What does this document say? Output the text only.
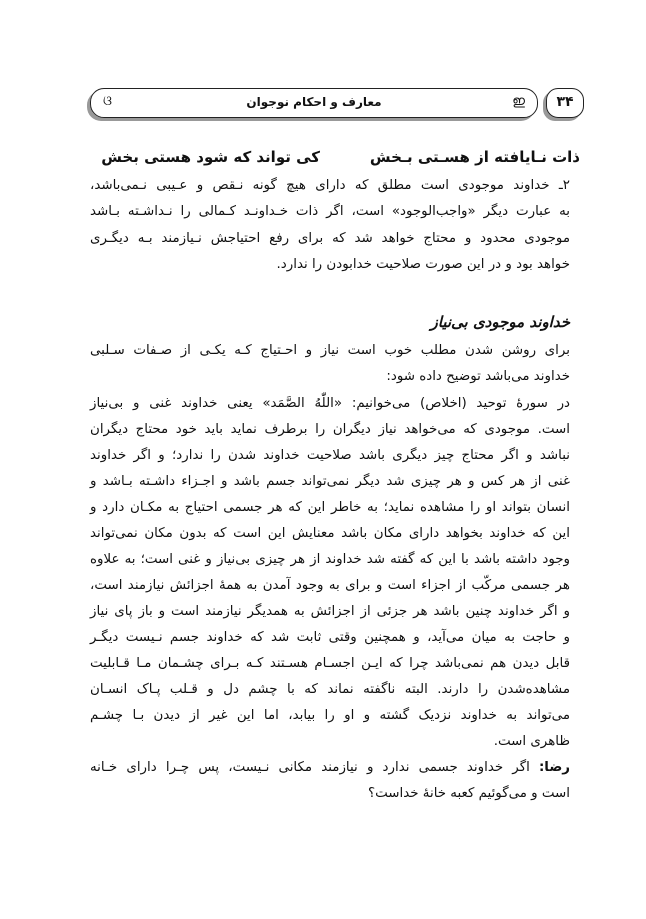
ଓ	معارف و احکام نوجوان	ഇ	۳۴
ذات نـایافته از هسـتی بـخش
کی تواند که شود هستی بخش
۲ـ خداوند موجودی است مطلق که دارای هیچ گونه نـقص و عـیبی نـمی‌باشد،
به عبارت دیگر «واجب‌الوجود» است، اگر ذات خـداونـد کـمالی را نـداشـته بـاشد
موجودی محدود و محتاج خواهد شد که برای رفع احتیاجش نـیازمند بـه دیگـری
خواهد بود و در این صورت صلاحیت خدابودن را ندارد.
خداوند موجودی بی‌نیاز
برای روشن شدن مطلب خوب است نیاز و احـتیاج کـه یکـی از صـفات سـلبی
خداوند می‌باشد توضیح داده شود:
در سورهٔ توحید (اخلاص) می‌خوانیم: «اللّٰهُ الصَّمَد» یعنی خداوند غنی و بی‌نیاز
است. موجودی که می‌خواهد نیاز دیگران را برطرف نماید باید خود محتاج دیگران
نباشد و اگر محتاج چیز دیگری باشد صلاحیت خداوند شدن را ندارد؛ و اگر خداوند
غنی از هر کس و هر چیزی شد دیگر نمی‌تواند جسم باشد و اجـزاء داشـته بـاشد و
انسان بتواند او را مشاهده نماید؛ به خاطر این که هر جسمی احتیاج به مکـان دارد و
این که خداوند بخواهد دارای مکان باشد معنایش این است که بدون مکان نمی‌تواند
وجود داشته باشد با این که گفته شد خداوند از هر چیزی بی‌نیاز و غنی است؛ به علاوه
هر جسمی مرکّب از اجزاء است و برای به وجود آمدن به همهٔ اجزائش نیازمند است،
و اگر خداوند چنین باشد هر جزئی از اجزائش به همدیگر نیازمند است و باز پای نیاز
و حاجت به میان می‌آید، و همچنین وقتی ثابت شد که خداوند جسم نـیست دیگـر
قابل دیدن هم نمی‌باشد چرا که ایـن اجسـام هسـتند کـه بـرای چشـمان مـا قـابلیت
مشاهده‌شدن را دارند. البته ناگفته نماند که با چشم دل و قـلب پـاک انسـان
می‌تواند به خداوند نزدیک گشته و او را بیابد، اما این غیر از دیدن بـا چشـم
ظاهری است.
رضا: اگر خداوند جسمی ندارد و نیازمند مکانی نـیست، پس چـرا دارای خـانه
است و می‌گوئیم کعبه خانهٔ خداست؟
